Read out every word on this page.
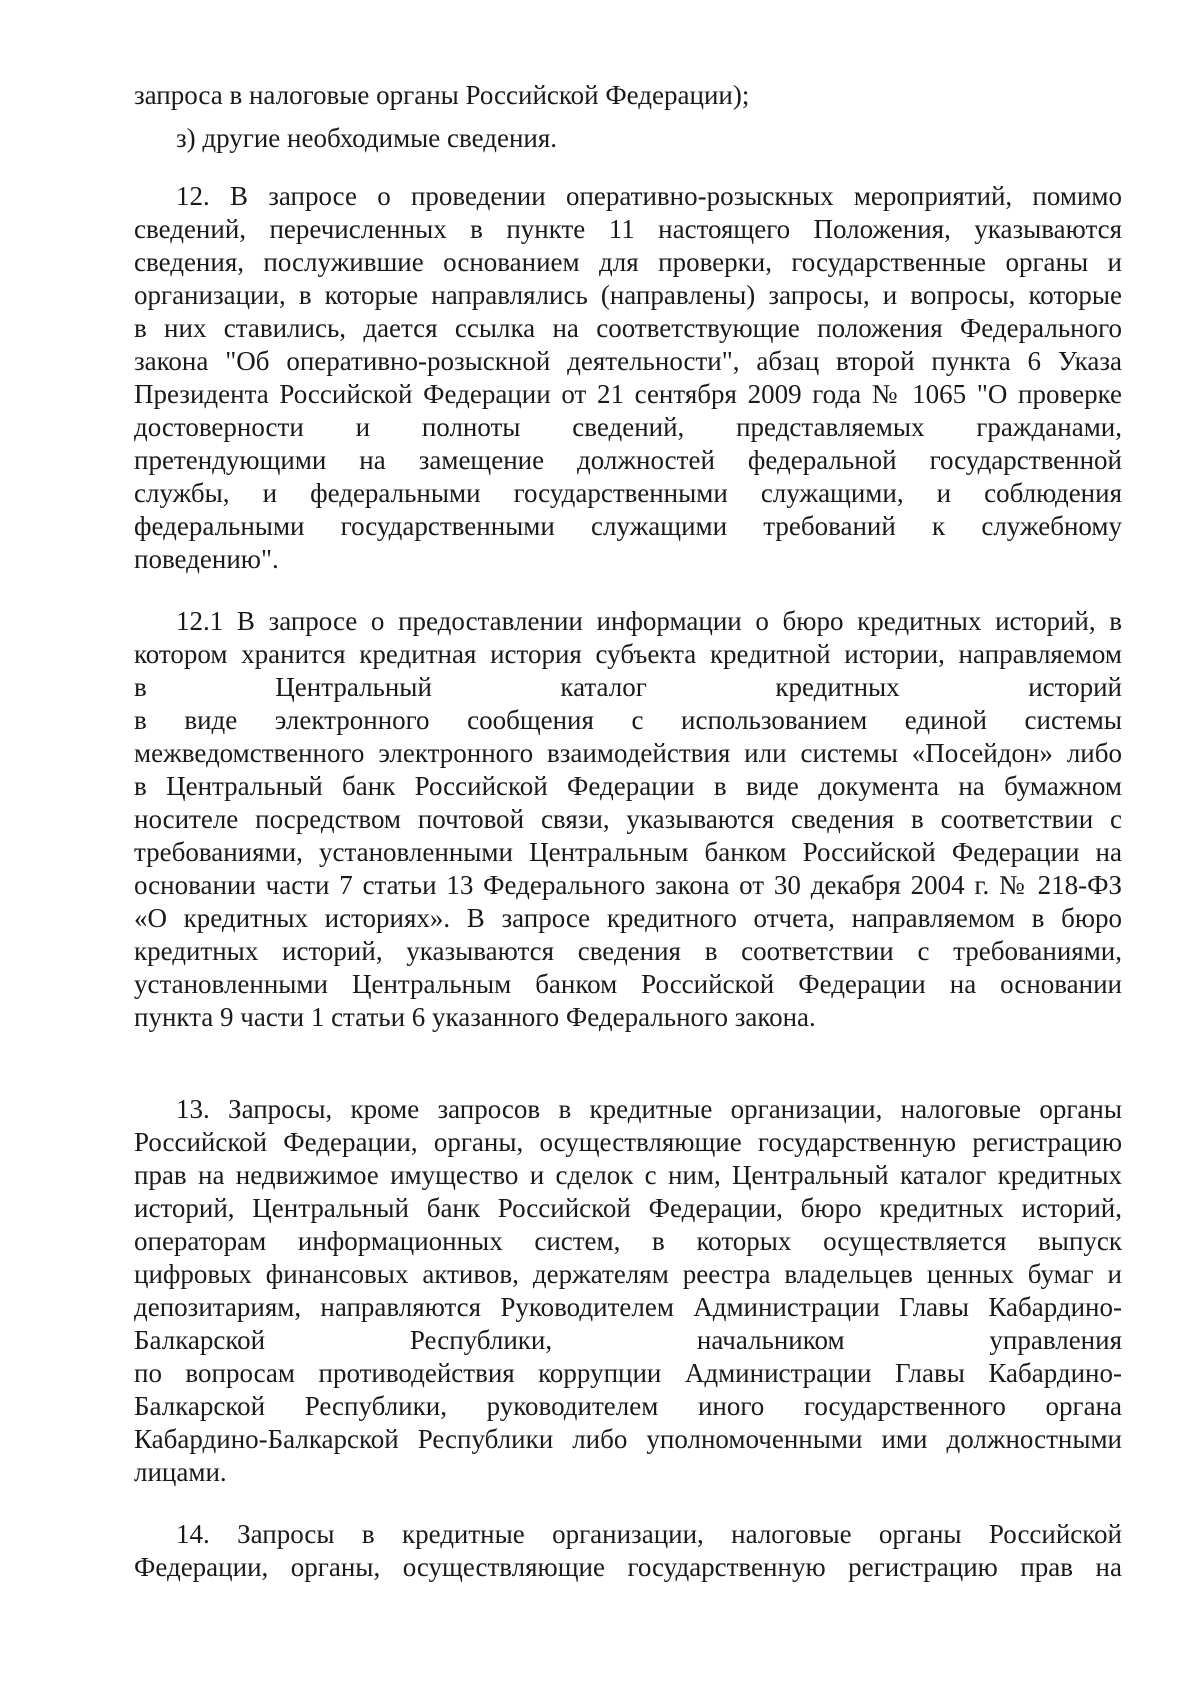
запроса в налоговые органы Российской Федерации);

з) другие необходимые сведения.

12. В запросе о проведении оперативно-розыскных мероприятий, помимо

сведений, перечисленных в пункте 11 настоящего Положения, указываются

сведения, послужившие основанием для проверки, государственные органы и

организации, в которые направлялись (направлены) запросы, и вопросы, которые

в них ставились, дается ссылка на соответствующие положения Федерального

закона "Об оперативно-розыскной деятельности", абзац второй пункта 6 Указа

Президента Российской Федерации от 21 сентября 2009 года № 1065 "О проверке

достоверности и полноты сведений, представляемых гражданами,

претендующими на замещение должностей федеральной государственной

службы, и федеральными государственными служащими, и соблюдения

федеральными государственными служащими требований к служебному

поведению".

12.1 В запросе о предоставлении информации о бюро кредитных историй, в

котором хранится кредитная история субъекта кредитной истории, направляемом

в Центральный каталог кредитных историй

в виде электронного сообщения с использованием единой системы

межведомственного электронного взаимодействия или системы «Посейдон» либо

в Центральный банк Российской Федерации в виде документа на бумажном

носителе посредством почтовой связи, указываются сведения в соответствии с

требованиями, установленными Центральным банком Российской Федерации на

основании части 7 статьи 13 Федерального закона от 30 декабря 2004 г. № 218-ФЗ

«О кредитных историях». В запросе кредитного отчета, направляемом в бюро

кредитных историй, указываются сведения в соответствии с требованиями,

установленными Центральным банком Российской Федерации на основании

пункта 9 части 1 статьи 6 указанного Федерального закона.

13. Запросы, кроме запросов в кредитные организации, налоговые органы

Российской Федерации, органы, осуществляющие государственную регистрацию

прав на недвижимое имущество и сделок с ним, Центральный каталог кредитных

историй, Центральный банк Российской Федерации, бюро кредитных историй,

операторам информационных систем, в которых осуществляется выпуск

цифровых финансовых активов, держателям реестра владельцев ценных бумаг и

депозитариям, направляются Руководителем Администрации Главы Кабардино-

Балкарской Республики, начальником управления

по вопросам противодействия коррупции Администрации Главы Кабардино-

Балкарской Республики, руководителем иного государственного органа

Кабардино-Балкарской Республики либо уполномоченными ими должностными

лицами.

14. Запросы в кредитные организации, налоговые органы Российской

Федерации, органы, осуществляющие государственную регистрацию прав на
